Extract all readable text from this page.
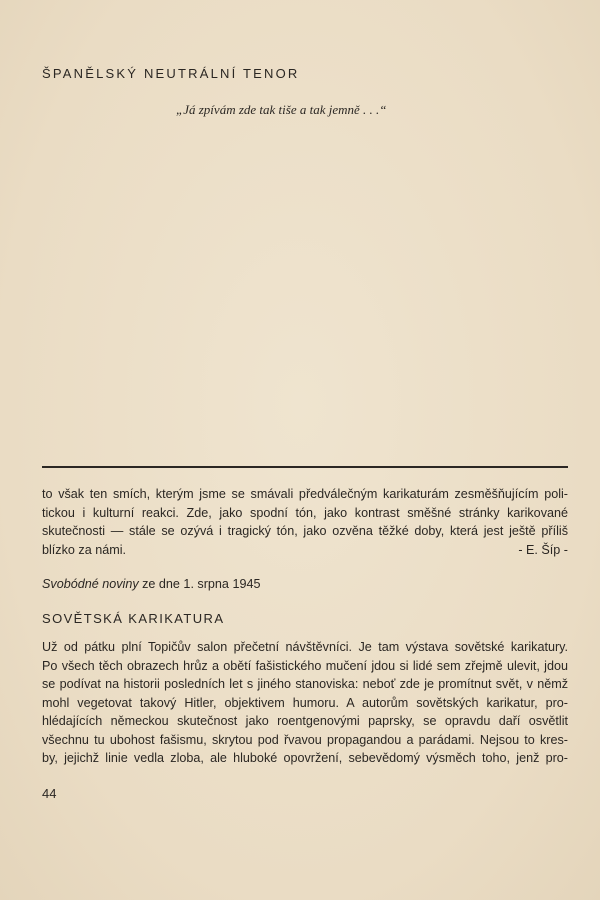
ŠPANĚLSKÝ NEUTRÁLNÍ TENOR
„Já zpívám zde tak tiše a tak jemně . . .“
to však ten smích, kterým jsme se smávali předválečným karikaturám zesměšňujícím poli-
tickou i kulturní reakci. Zde, jako spodní tón, jako kontrast směšné stránky karikované
skutečnosti — stále se ozývá i tragický tón, jako ozvěna těžké doby, která jest ještě příliš
blízko za námi.	- E. Šíp -
Svobódné noviny ze dne 1. srpna 1945
SOVĚTSKÁ KARIKATURA
Už od pátku plní Topičův salon přečetní návštěvníci. Je tam výstava sovětské karikatury.
Po všech těch obrazech hrůz a obětí fašistického mučení jdou si lidé sem zřejmě ulevit, jdou
se podívat na historii posledních let s jiného stanoviska: neboť zde je promítnut svět, v němž
mohl vegetovat takový Hitler, objektivem humoru. A autorům sovětských karikatur, pro-
hlédajících německou skutečnost jako roentgenovými paprsky, se opravdu daří osvětlit
všechnu tu ubohost fašismu, skrytou pod řvavou propagandou a parádami. Nejsou to kres-
by, jejichž linie vedla zloba, ale hluboké opovržení, sebevědomý výsměch toho, jenž pro-
44
